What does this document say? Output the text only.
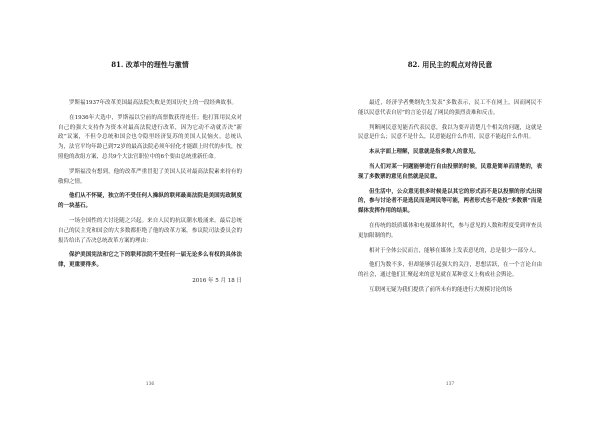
81. 改革中的理性与激情

罗斯福1937年改革美国最高法院失败是美国历史上的一段经典故事。

在1936年大选中，罗斯福以空前的高票数获得连任；他打算用民众对自己的强大支持作为资本对最高法院进行改革，因为它动不动就否决“新政”议案，不但令总统和国会也令隐里经济复苏的美国人民恼火。总统认为，法官平均年龄已到72岁的最高法院必须年轻化才能跟上时代的步伐，按照他的改组方案，总共9个大法官职位中的6个要由总统重新任命。

罗斯福没有想到，他的改革严重冒犯了美国人民对最高法院素来持有的敬仰之情。

他们从不怀疑，独立的不受任何人操纵的联邦最高法院是美国宪政制度的一块基石。

一场全国性的大讨论随之兴起。来自人民的抗议潮水般涌来。最后总统自己的民主党和国会的大多数都拒绝了他的改革方案。参议院司法委员会的报告给出了否决总统改革方案的理由：

保护美国宪法和它之下的联邦法院不受任何一届无论多么有权的具体法律，更重要得多。

2016 年 5 月 18 日
136
82. 用民主的观点对待民意

最近，经济学者樊纲先生发表“多数表示，民工不在网上，因而网民不能以民意代表自居”的言论引起了网民的强烈责难和反击。

判断网民意见能否代表民意，我以为要弄清楚几个相关的问题，这就是民意是什么；民意不是什么，民意能起什么作用，民意不能起什么作用。

本从字面上理解，民意就是指多数人的意见。

当人们对某一问题能够进行自由投票的时候，民意是简单而清楚的，表现了多数票的意见自然就是民意。

但生活中，公众意见很多时候是以其它的形式而不是以投票的形式出现的，参与讨论者不是选民而是网民等可能，两者形式也不是投“多数票”而是媒体发挥作用的结果。

在传统的纸质媒体和电视媒体时代，参与意见的人数和程度受到审查员更加限制的约。

相对于全体公民而言，能够在媒体上发表意见的，总是很少一部分人。

他们为数不多，但却能够引起强大的关注，思想活跃，在一个言论自由的社会，通过他们汇聚起来的意见就在某种意义上构成社会舆论。

互联网无疑为我们提供了前所未有的能进行大规模讨论的场

137
